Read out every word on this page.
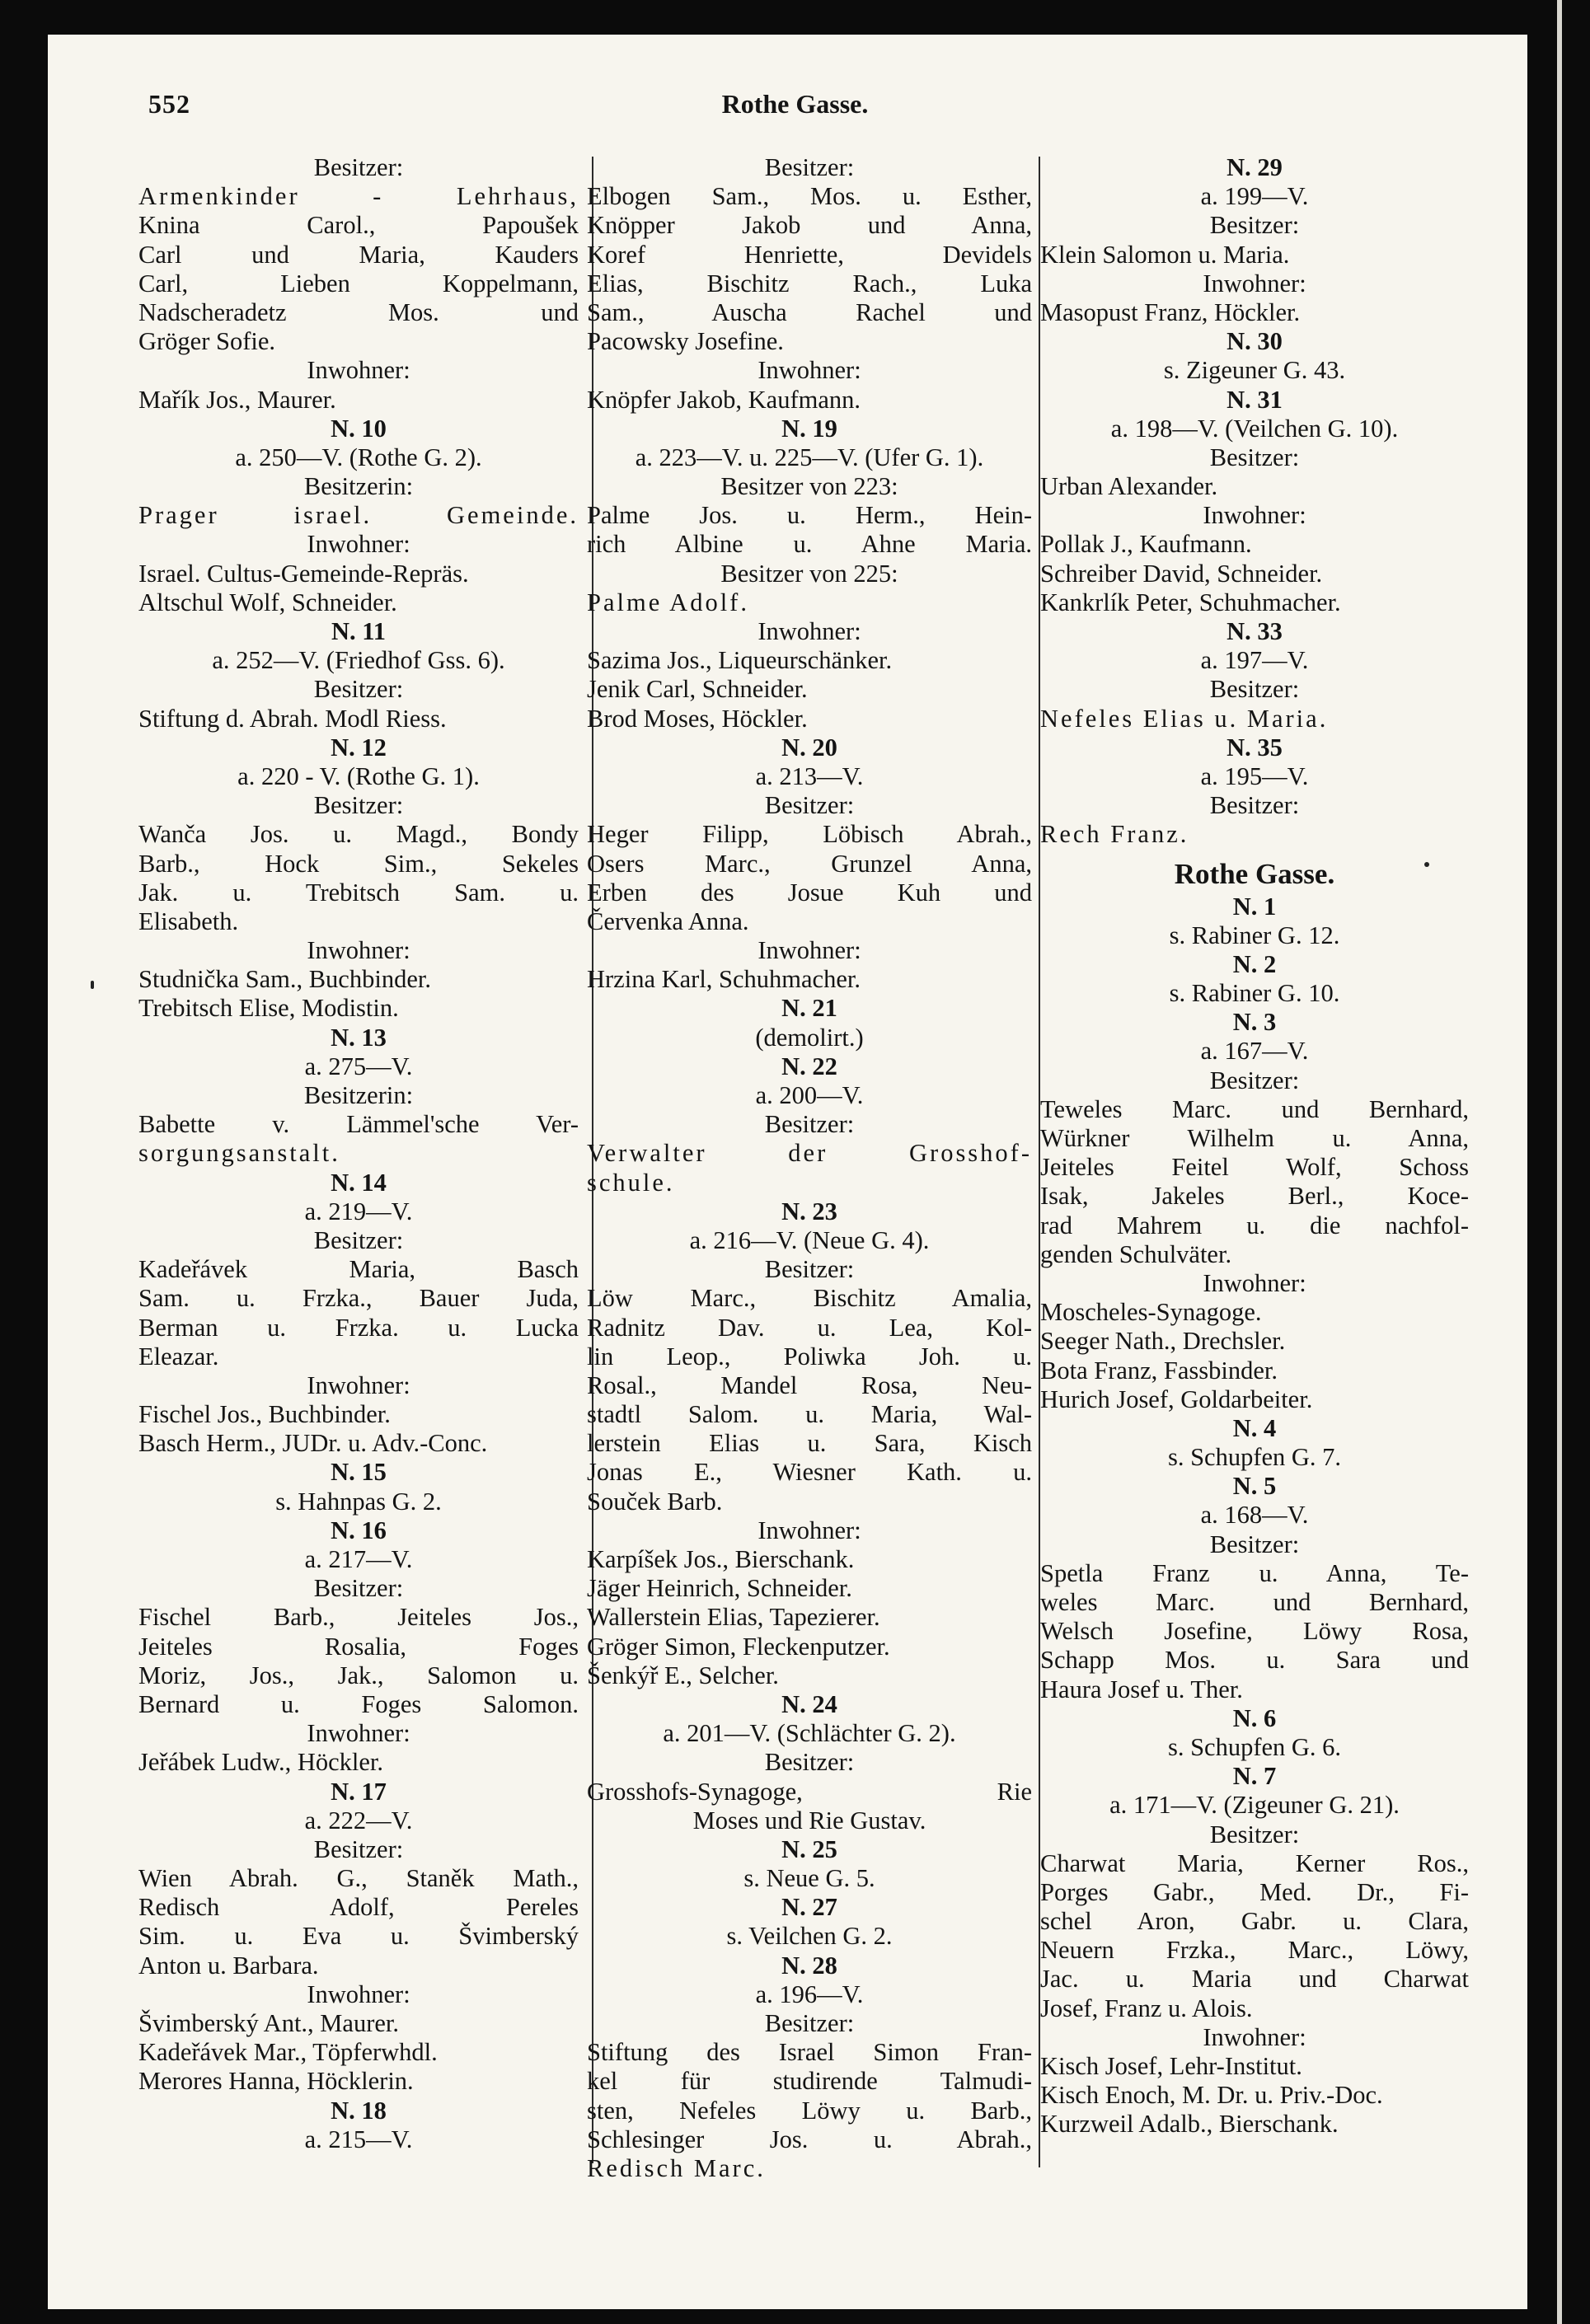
552	Rothe Gasse.
Besitzer:
Armenkinder - Lehrhaus,
Knina Carol., Papoušek
Carl und Maria, Kauders
Carl, Lieben Koppelmann,
Nadscheradetz Mos. und
Gröger Sofie.
Inwohner:
Mařík Jos., Maurer.
N. 10
a. 250—V. (Rothe G. 2).
Besitzerin:
Prager israel. Gemeinde.
Inwohner:
Israel. Cultus-Gemeinde-Repräs.
Altschul Wolf, Schneider.
N. 11
a. 252—V. (Friedhof Gss. 6).
Besitzer:
Stiftung d. Abrah. Modl Riess.
N. 12
a. 220 - V. (Rothe G. 1).
Besitzer:
Wanča Jos. u. Magd., Bondy
Barb., Hock Sim., Sekeles
Jak. u. Trebitsch Sam. u.
Elisabeth.
Inwohner:
Studnička Sam., Buchbinder.
Trebitsch Elise, Modistin.
N. 13
a. 275—V.
Besitzerin:
Babette v. Lämmel'sche Ver-
sorgungsanstalt.
N. 14
a. 219—V.
Besitzer:
Kadeřávek Maria, Basch
Sam. u. Frzka., Bauer Juda,
Berman u. Frzka. u. Lucka
Eleazar.
Inwohner:
Fischel Jos., Buchbinder.
Basch Herm., JUDr. u. Adv.-Conc.
N. 15
s. Hahnpas G. 2.
N. 16
a. 217—V.
Besitzer:
Fischel Barb., Jeiteles Jos.,
Jeiteles Rosalia, Foges
Moriz, Jos., Jak., Salomon u.
Bernard u. Foges Salomon.
Inwohner:
Jeřábek Ludw., Höckler.
N. 17
a. 222—V.
Besitzer:
Wien Abrah. G., Staněk Math.,
Redisch Adolf, Pereles
Sim. u. Eva u. Švimberský
Anton u. Barbara.
Inwohner:
Švimberský Ant., Maurer.
Kadeřávek Mar., Töpferwhdl.
Merores Hanna, Höcklerin.
N. 18
a. 215—V.
Besitzer:
Elbogen Sam., Mos. u. Esther,
Knöpper Jakob und Anna,
Koref Henriette, Devidels
Elias, Bischitz Rach., Luka
Sam., Auscha Rachel und
Pacowsky Josefine.
Inwohner:
Knöpfer Jakob, Kaufmann.
N. 19
a. 223—V. u. 225—V. (Ufer G. 1).
Besitzer von 223:
Palme Jos. u. Herm., Hein-
rich Albine u. Ahne Maria.
Besitzer von 225:
Palme Adolf.
Inwohner:
Sazima Jos., Liqueurschänker.
Jenik Carl, Schneider.
Brod Moses, Höckler.
N. 20
a. 213—V.
Besitzer:
Heger Filipp, Löbisch Abrah.,
Osers Marc., Grunzel Anna,
Erben des Josue Kuh und
Červenka Anna.
Inwohner:
Hrzina Karl, Schuhmacher.
N. 21
(demolirt.)
N. 22
a. 200—V.
Besitzer:
Verwalter der Grosshof-
schule.
N. 23
a. 216—V. (Neue G. 4).
Besitzer:
Löw Marc., Bischitz Amalia,
Radnitz Dav. u. Lea, Kol-
lin Leop., Poliwka Joh. u.
Rosal., Mandel Rosa, Neu-
stadtl Salom. u. Maria, Wal-
lerstein Elias u. Sara, Kisch
Jonas E., Wiesner Kath. u.
Souček Barb.
Inwohner:
Karpíšek Jos., Bierschank.
Jäger Heinrich, Schneider.
Wallerstein Elias, Tapezierer.
Gröger Simon, Fleckenputzer.
Šenkýř E., Selcher.
N. 24
a. 201—V. (Schlächter G. 2).
Besitzer:
Grosshofs-Synagoge, Rie
Moses und Rie Gustav.
N. 25
s. Neue G. 5.
N. 27
s. Veilchen G. 2.
N. 28
a. 196—V.
Besitzer:
Stiftung des Israel Simon Fran-
kel für studirende Talmudi-
sten, Nefeles Löwy u. Barb.,
Schlesinger Jos. u. Abrah.,
Redisch Marc.
N. 29
a. 199—V.
Besitzer:
Klein Salomon u. Maria.
Inwohner:
Masopust Franz, Höckler.
N. 30
s. Zigeuner G. 43.
N. 31
a. 198—V. (Veilchen G. 10).
Besitzer:
Urban Alexander.
Inwohner:
Pollak J., Kaufmann.
Schreiber David, Schneider.
Kankrlík Peter, Schuhmacher.
N. 33
a. 197—V.
Besitzer:
Nefeles Elias u. Maria.
N. 35
a. 195—V.
Besitzer:
Rech Franz.
Rothe Gasse.
N. 1
s. Rabiner G. 12.
N. 2
s. Rabiner G. 10.
N. 3
a. 167—V.
Besitzer:
Teweles Marc. und Bernhard,
Würkner Wilhelm u. Anna,
Jeiteles Feitel Wolf, Schoss
Isak, Jakeles Berl., Koce-
rad Mahrem u. die nachfol-
genden Schulväter.
Inwohner:
Moscheles-Synagoge.
Seeger Nath., Drechsler.
Bota Franz, Fassbinder.
Hurich Josef, Goldarbeiter.
N. 4
s. Schupfen G. 7.
N. 5
a. 168—V.
Besitzer:
Spetla Franz u. Anna, Te-
weles Marc. und Bernhard,
Welsch Josefine, Löwy Rosa,
Schapp Mos. u. Sara und
Haura Josef u. Ther.
N. 6
s. Schupfen G. 6.
N. 7
a. 171—V. (Zigeuner G. 21).
Besitzer:
Charwat Maria, Kerner Ros.,
Porges Gabr., Med. Dr., Fi-
schel Aron, Gabr. u. Clara,
Neuern Frzka., Marc., Löwy,
Jac. u. Maria und Charwat
Josef, Franz u. Alois.
Inwohner:
Kisch Josef, Lehr-Institut.
Kisch Enoch, M. Dr. u. Priv.-Doc.
Kurzweil Adalb., Bierschank.
